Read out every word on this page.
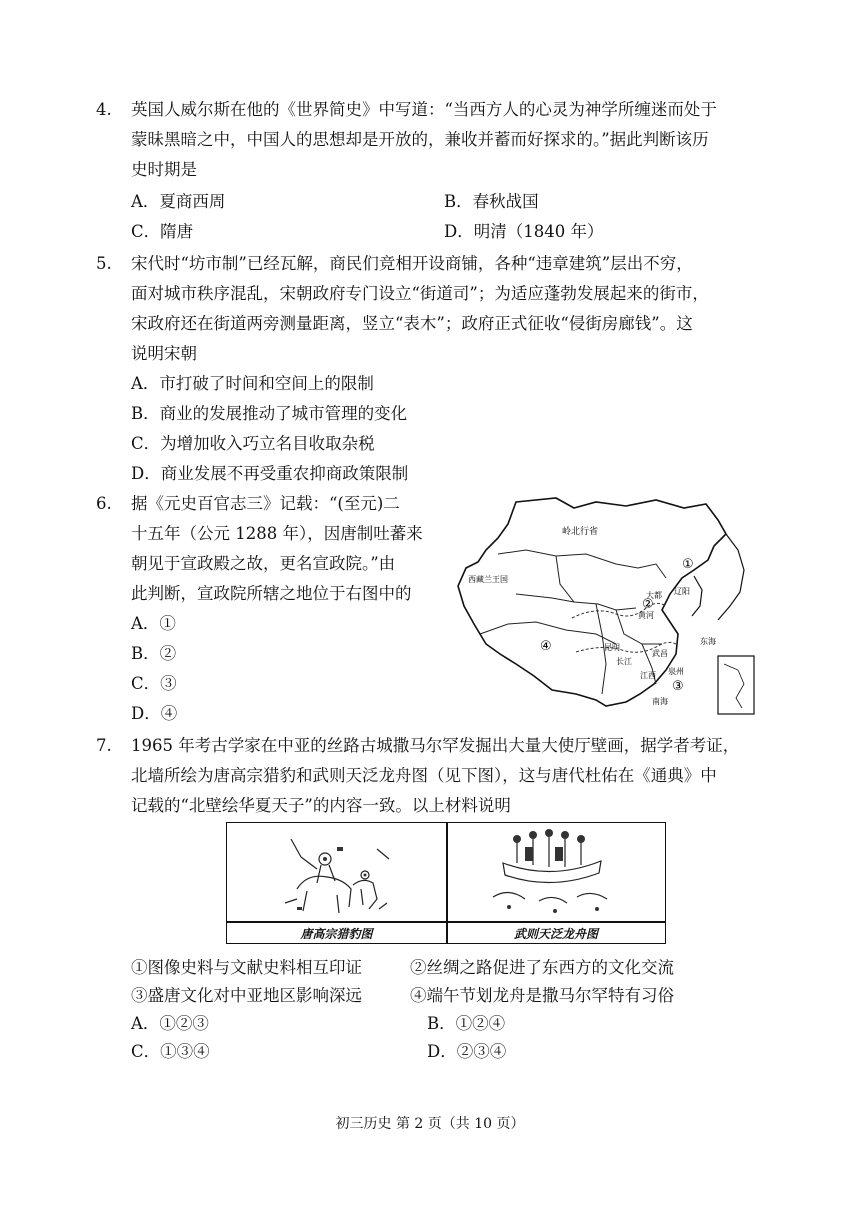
4. 英国人威尔斯在他的《世界简史》中写道：“当西方人的心灵为神学所缠迷而处于
蒙昧黑暗之中，中国人的思想却是开放的，兼收并蓄而好探求的。”据此判断该历
史时期是
A．夏商西周	B．春秋战国
C．隋唐	D．明清（1840 年）
5. 宋代时“坊市制”已经瓦解，商民们竞相开设商铺，各种“违章建筑”层出不穷，
面对城市秩序混乱，宋朝政府专门设立“街道司”；为适应蓬勃发展起来的街市，
宋政府还在街道两旁测量距离，竖立“表木”；政府正式征收“侵街房廊钱”。这
说明宋朝
A．市打破了时间和空间上的限制
B．商业的发展推动了城市管理的变化
C．为增加收入巧立名目收取杂税
D．商业发展不再受重农抑商政策限制
6. 据《元史百官志三》记载：“(至元)二
十五年（公元 1288 年），因唐制吐蕃来
朝见于宣政殿之故，更名宣政院。”由
此判断，宣政院所辖之地位于右图中的
A．①
B．②
C．③
D．④
岭北行省
西藏兰王国
辽阳
大都
黄河
长江
武昌
江西
昆明
泉州
东海
南海
①
②
③
④
7. 1965 年考古学家在中亚的丝路古城撒马尔罕发掘出大量大使厅壁画，据学者考证，
北墙所绘为唐高宗猎豹和武则天泛龙舟图（见下图），这与唐代杜佑在《通典》中
记载的“北壁绘华夏天子”的内容一致。以上材料说明
唐高宗猎豹图	武则天泛龙舟图
①图像史料与文献史料相互印证	②丝绸之路促进了东西方的文化交流
③盛唐文化对中亚地区影响深远	④端午节划龙舟是撒马尔罕特有习俗
A．①②③	B．①②④
C．①③④	D．②③④
初三历史 第 2 页（共 10 页）
